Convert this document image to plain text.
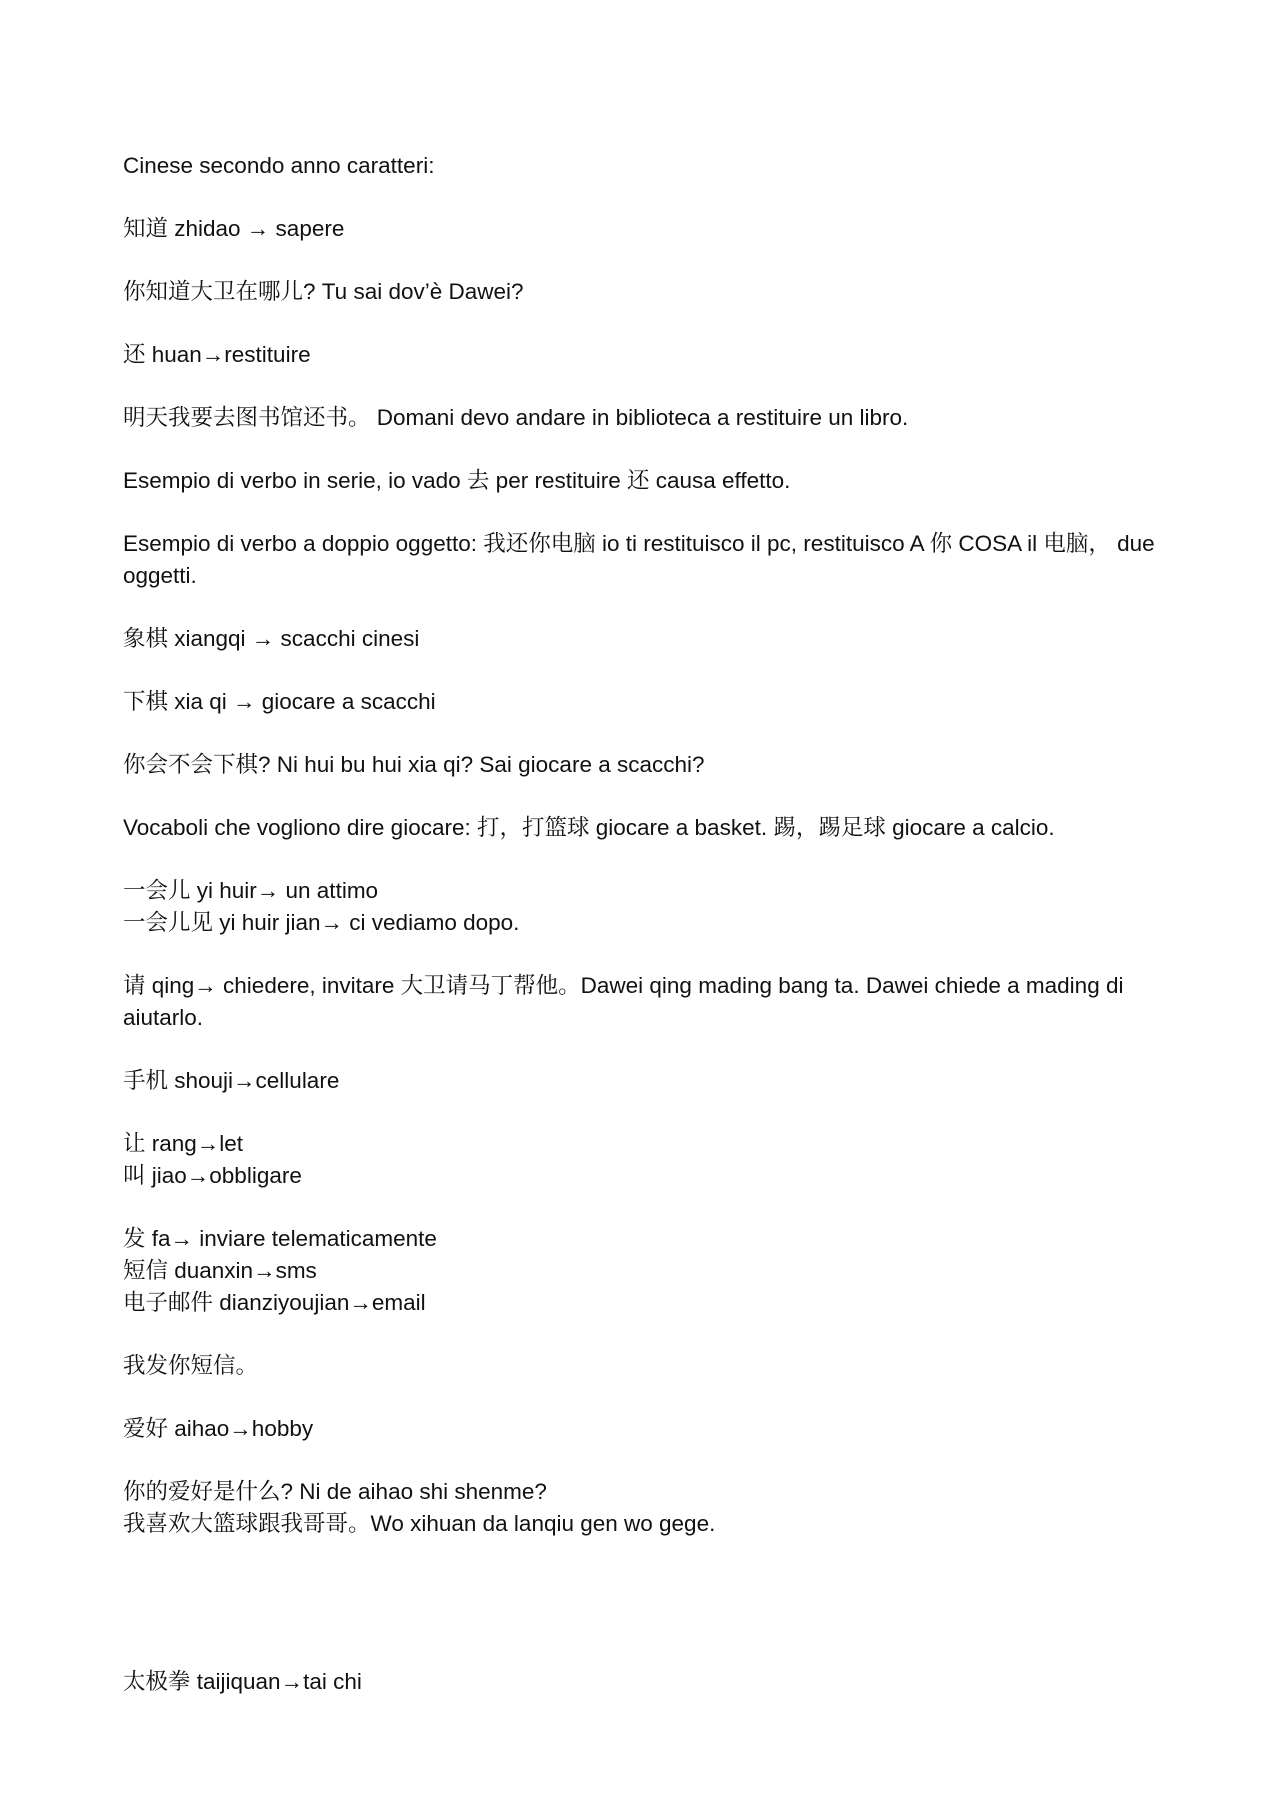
Cinese secondo anno caratteri:

知道 zhidao → sapere

你知道大卫在哪儿? Tu sai dov’è Dawei?

还 huan→restituire

明天我要去图书馆还书。 Domani devo andare in biblioteca a restituire un libro.

Esempio di verbo in serie, io vado 去 per restituire 还 causa effetto.

Esempio di verbo a doppio oggetto: 我还你电脑 io ti restituisco il pc, restituisco A 你 COSA il 电脑， due oggetti.

象棋 xiangqi → scacchi cinesi

下棋 xia qi → giocare a scacchi

你会不会下棋? Ni hui bu hui xia qi? Sai giocare a scacchi?

Vocaboli che vogliono dire giocare: 打，打篮球 giocare a basket. 踢，踢足球 giocare a calcio.

一会儿 yi huir→ un attimo

一会儿见 yi huir jian→ ci vediamo dopo.

请 qing→ chiedere, invitare 大卫请马丁帮他。Dawei qing mading bang ta. Dawei chiede a mading di aiutarlo.

手机 shouji→cellulare

让 rang→let

叫 jiao→obbligare

发 fa→ inviare telematicamente

短信 duanxin→sms

电子邮件 dianziyoujian→email

我发你短信。

爱好 aihao→hobby

你的爱好是什么? Ni de aihao shi shenme?

我喜欢大篮球跟我哥哥。Wo xihuan da lanqiu gen wo gege.

太极拳 taijiquan→tai chi
